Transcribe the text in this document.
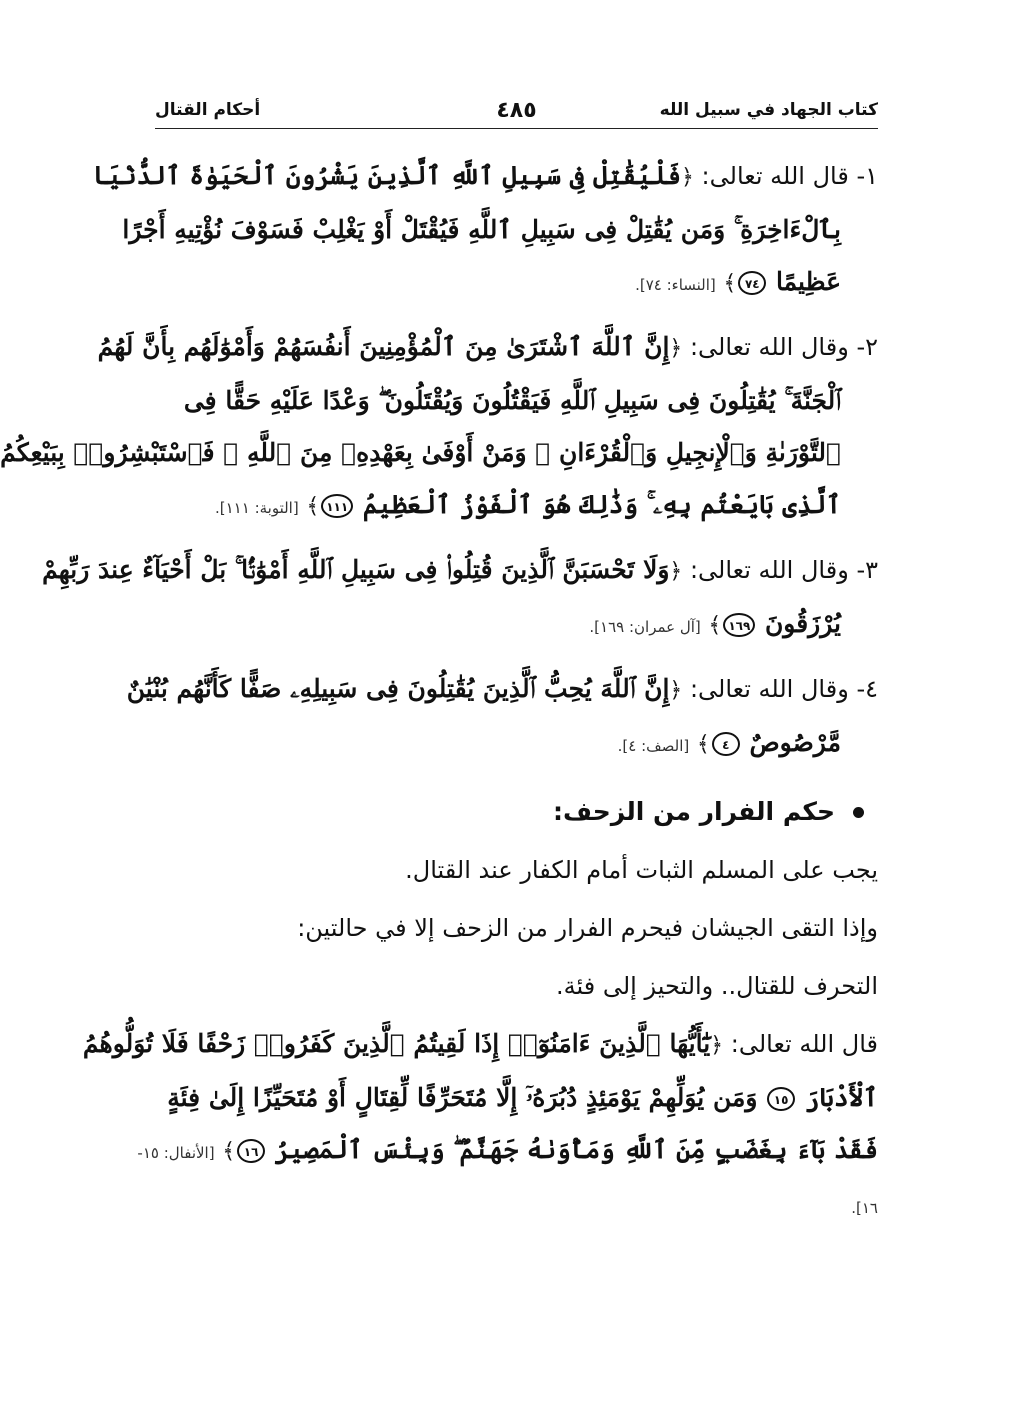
كتاب الجهاد في سبيل الله
٤٨٥
أحكام القتال
١- قال الله تعالى: ﴿فَلْيُقَٰتِلْ فِى سَبِيلِ ٱللَّهِ ٱلَّذِينَ يَشْرُونَ ٱلْحَيَوٰةَ ٱلدُّنْيَا
بِٱلْءَاخِرَةِ ۚ وَمَن يُقَٰتِلْ فِى سَبِيلِ ٱللَّهِ فَيُقْتَلْ أَوْ يَغْلِبْ فَسَوْفَ نُؤْتِيهِ أَجْرًا
عَظِيمًا ٧٤﴾ [النساء: ٧٤].
٢- وقال الله تعالى: ﴿إِنَّ ٱللَّهَ ٱشْتَرَىٰ مِنَ ٱلْمُؤْمِنِينَ أَنفُسَهُمْ وَأَمْوَٰلَهُم بِأَنَّ لَهُمُ
ٱلْجَنَّةَ ۚ يُقَٰتِلُونَ فِى سَبِيلِ ٱللَّهِ فَيَقْتُلُونَ وَيُقْتَلُونَ ۖ وَعْدًا عَلَيْهِ حَقًّا فِى
ٱلتَّوْرَىٰةِ وَٱلْإِنجِيلِ وَٱلْقُرْءَانِ ۚ وَمَنْ أَوْفَىٰ بِعَهْدِهِۦ مِنَ ٱللَّهِ ۚ فَٱسْتَبْشِرُوا۟ بِبَيْعِكُمُ
ٱلَّذِى بَايَعْتُم بِهِۦ ۚ وَذَٰلِكَ هُوَ ٱلْفَوْزُ ٱلْعَظِيمُ ١١١﴾ [التوبة: ١١١].
٣- وقال الله تعالى: ﴿وَلَا تَحْسَبَنَّ ٱلَّذِينَ قُتِلُوا۟ فِى سَبِيلِ ٱللَّهِ أَمْوَٰتًۢا ۚ بَلْ أَحْيَآءٌ عِندَ رَبِّهِمْ
يُرْزَقُونَ ١٦٩﴾ [آل عمران: ١٦٩].
٤- وقال الله تعالى: ﴿إِنَّ ٱللَّهَ يُحِبُّ ٱلَّذِينَ يُقَٰتِلُونَ فِى سَبِيلِهِۦ صَفًّا كَأَنَّهُم بُنْيَٰنٌ
مَّرْصُوصٌ ٤﴾ [الصف: ٤].
حكم الفرار من الزحف:
يجب على المسلم الثبات أمام الكفار عند القتال.
وإذا التقى الجيشان فيحرم الفرار من الزحف إلا في حالتين:
التحرف للقتال.. والتحيز إلى فئة.
قال الله تعالى: ﴿يَٰٓأَيُّهَا ٱلَّذِينَ ءَامَنُوٓا۟ إِذَا لَقِيتُمُ ٱلَّذِينَ كَفَرُوا۟ زَحْفًا فَلَا تُوَلُّوهُمُ
ٱلْأَدْبَارَ ١٥ وَمَن يُوَلِّهِمْ يَوْمَئِذٍ دُبُرَهُۥٓ إِلَّا مُتَحَرِّفًا لِّقِتَالٍ أَوْ مُتَحَيِّزًا إِلَىٰ فِئَةٍ
فَقَدْ بَآءَ بِغَضَبٍ مِّنَ ٱللَّهِ وَمَأْوَىٰهُ جَهَنَّمُ ۖ وَبِئْسَ ٱلْمَصِيرُ ١٦﴾ [الأنفال: ١٥-
١٦].
